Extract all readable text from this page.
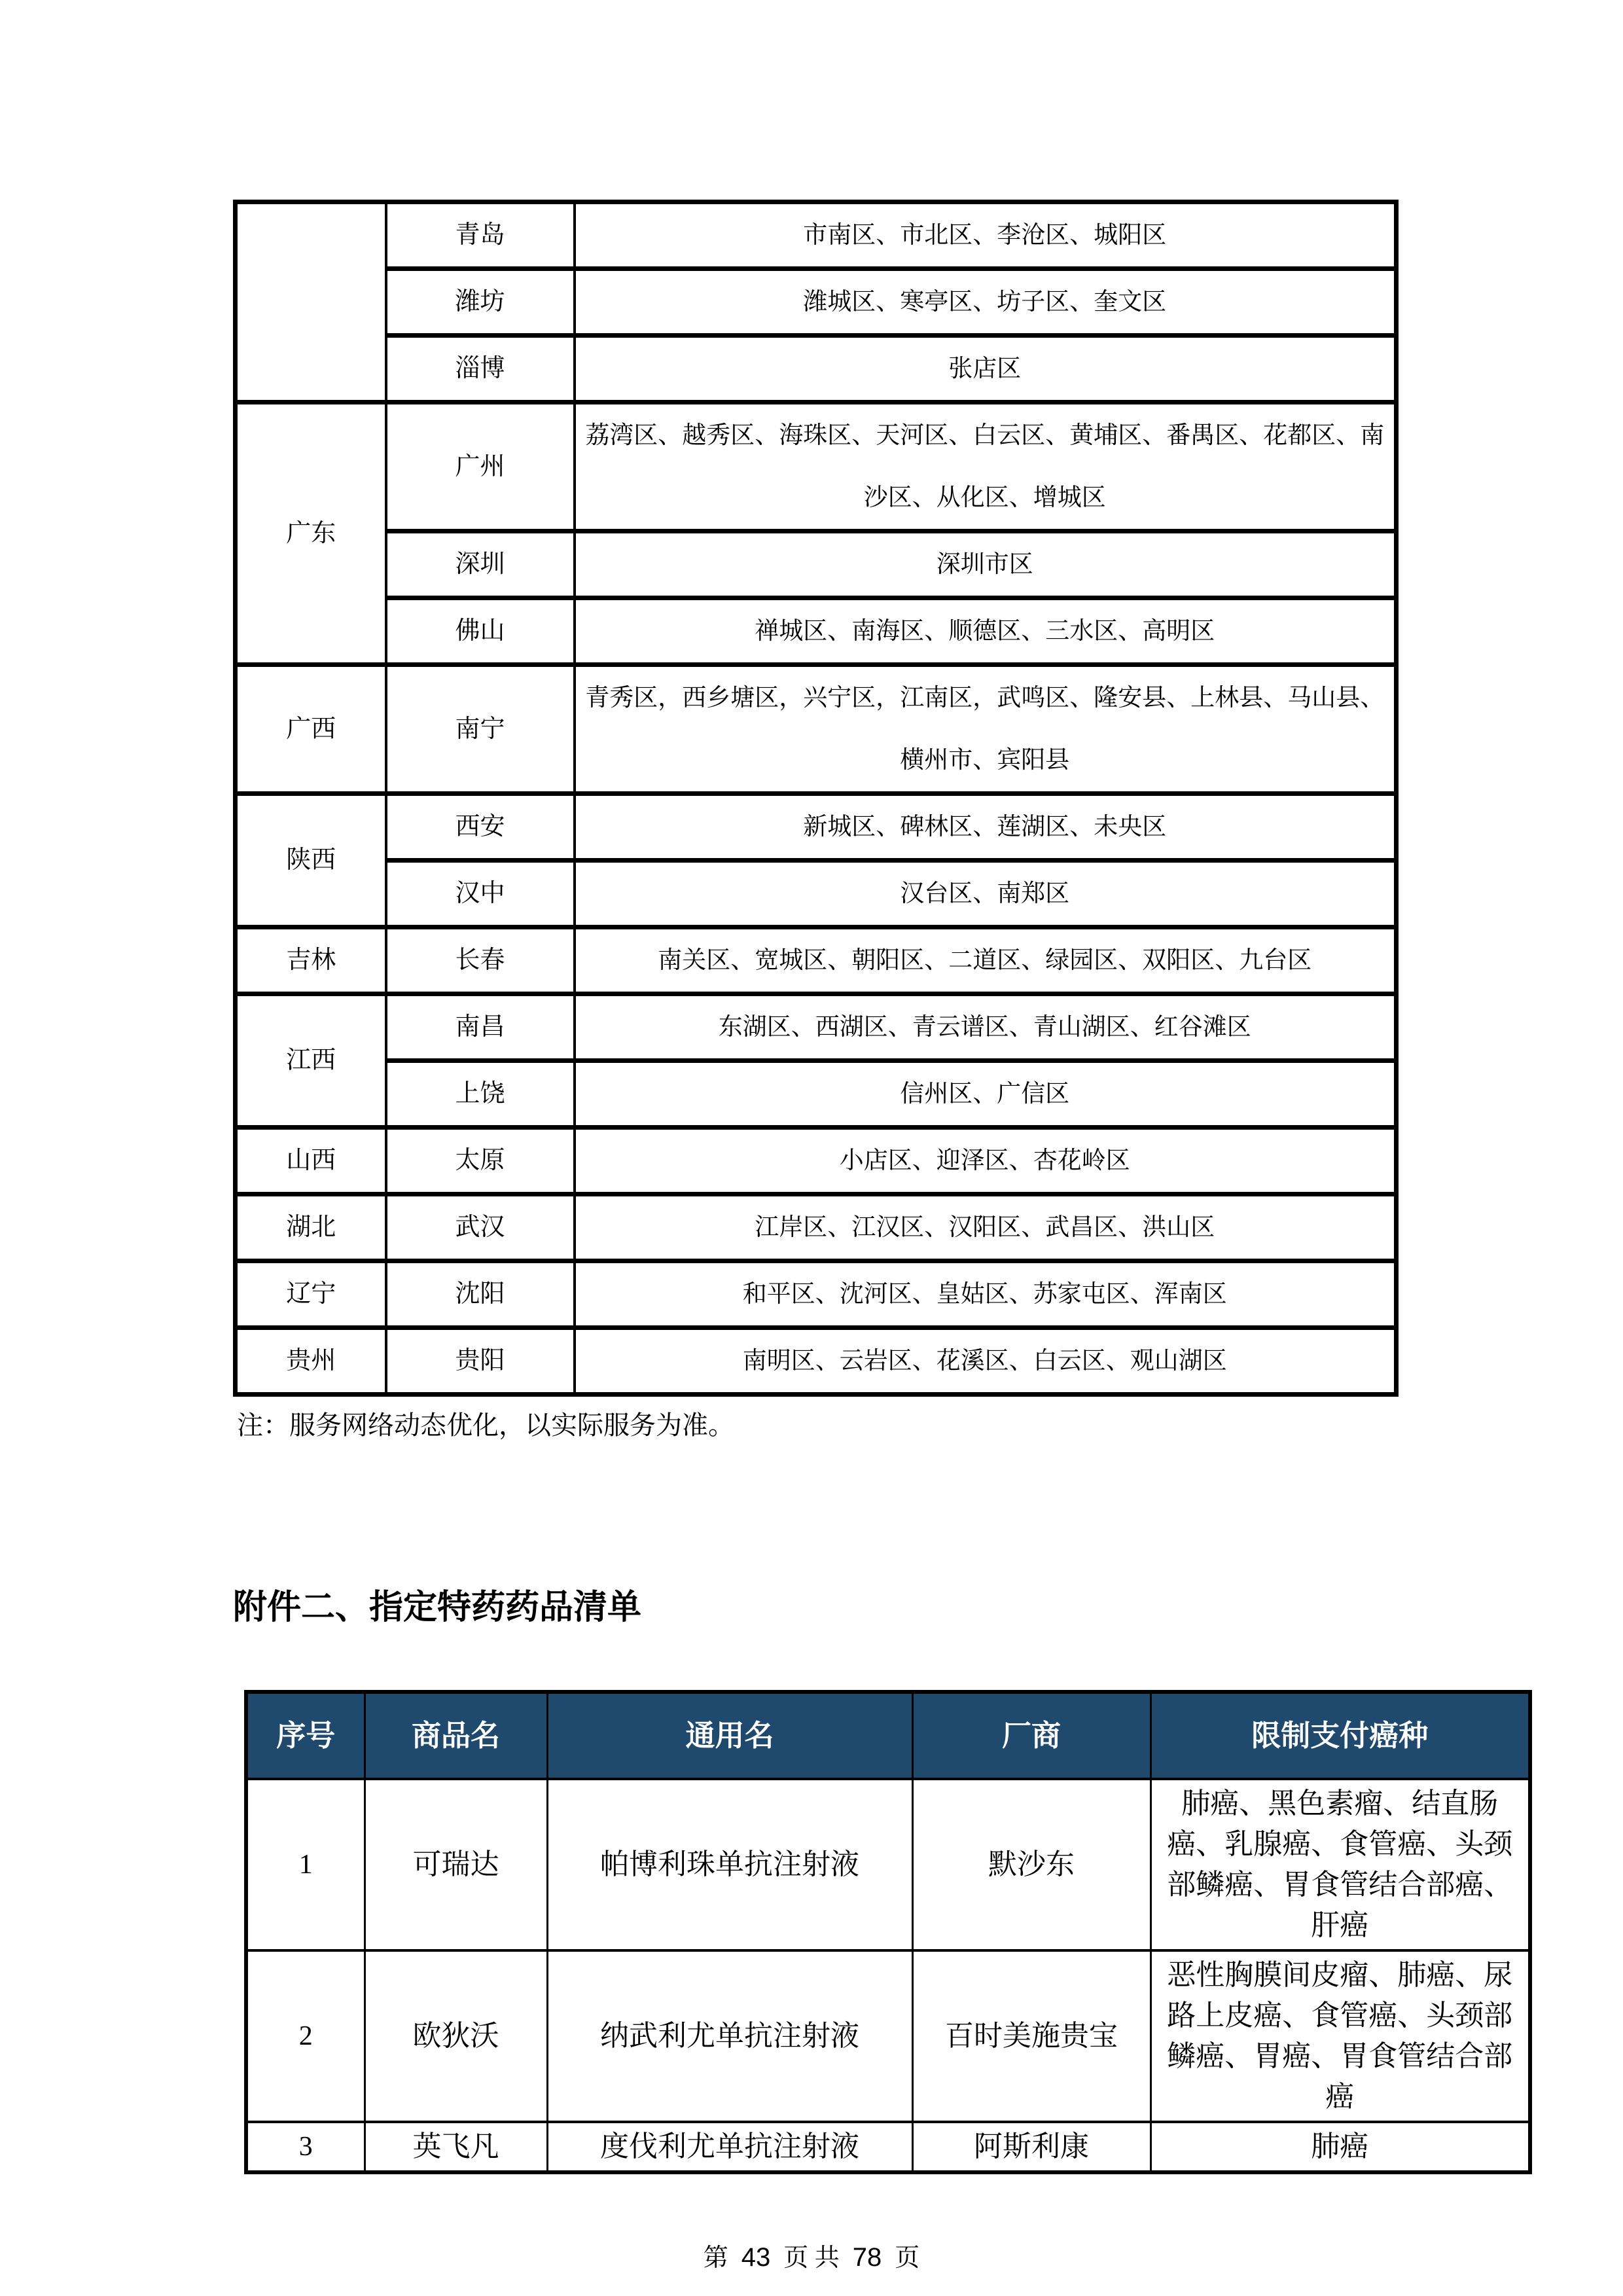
	青岛	市南区、市北区、李沧区、城阳区
	潍坊	潍城区、寒亭区、坊子区、奎文区
	淄博	张店区
广东	广州	荔湾区、越秀区、海珠区、天河区、白云区、黄埔区、番禺区、花都区、南沙区、从化区、增城区
	深圳	深圳市区
	佛山	禅城区、南海区、顺德区、三水区、高明区
广西	南宁	青秀区，西乡塘区，兴宁区，江南区，武鸣区、隆安县、上林县、马山县、横州市、宾阳县
陕西	西安	新城区、碑林区、莲湖区、未央区
	汉中	汉台区、南郑区
吉林	长春	南关区、宽城区、朝阳区、二道区、绿园区、双阳区、九台区
江西	南昌	东湖区、西湖区、青云谱区、青山湖区、红谷滩区
	上饶	信州区、广信区
山西	太原	小店区、迎泽区、杏花岭区
湖北	武汉	江岸区、江汉区、汉阳区、武昌区、洪山区
辽宁	沈阳	和平区、沈河区、皇姑区、苏家屯区、浑南区
贵州	贵阳	南明区、云岩区、花溪区、白云区、观山湖区
注：服务网络动态优化，以实际服务为准。
附件二、指定特药药品清单
序号	商品名	通用名	厂商	限制支付癌种
1	可瑞达	帕博利珠单抗注射液	默沙东	肺癌、黑色素瘤、结直肠癌、乳腺癌、食管癌、头颈部鳞癌、胃食管结合部癌、肝癌
2	欧狄沃	纳武利尤单抗注射液	百时美施贵宝	恶性胸膜间皮瘤、肺癌、尿路上皮癌、食管癌、头颈部鳞癌、胃癌、胃食管结合部癌
3	英飞凡	度伐利尤单抗注射液	阿斯利康	肺癌
第 43 页 共 78 页
